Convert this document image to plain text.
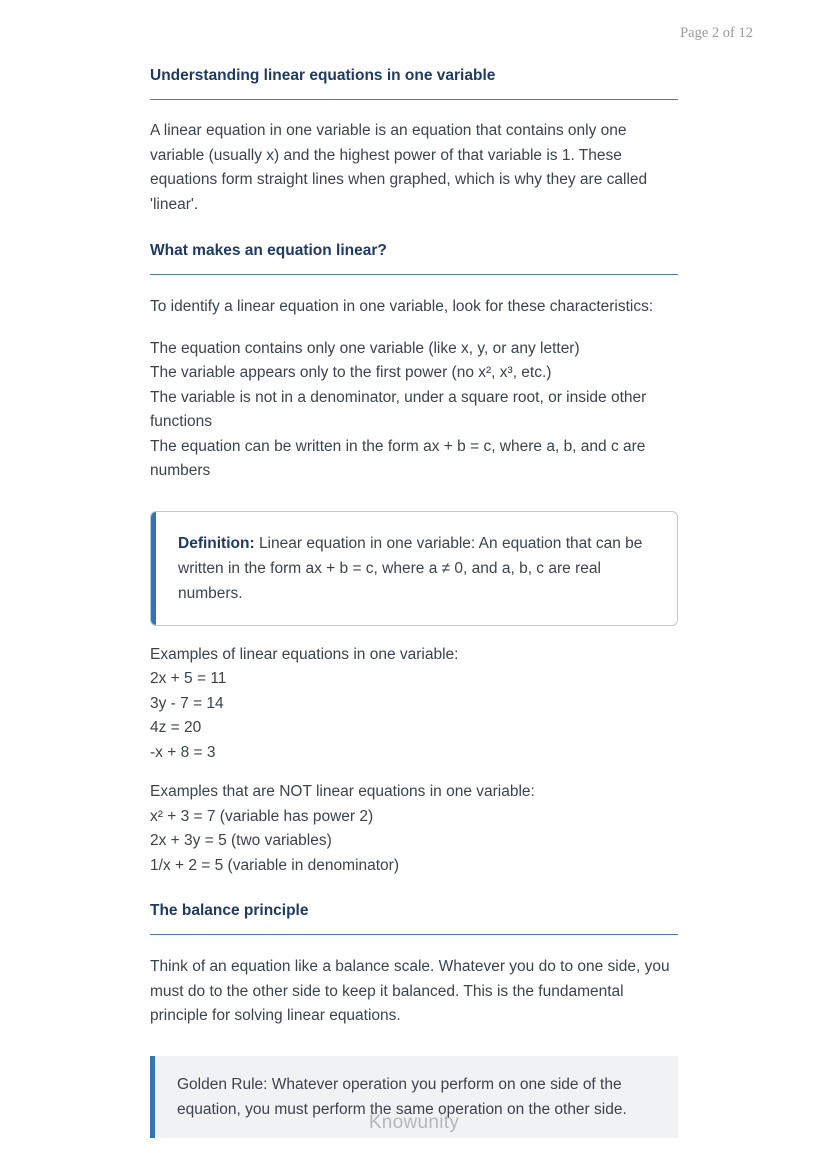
Page 2 of 12
Understanding linear equations in one variable

A linear equation in one variable is an equation that contains only one variable (usually x) and the highest power of that variable is 1. These equations form straight lines when graphed, which is why they are called 'linear'.

What makes an equation linear?

To identify a linear equation in one variable, look for these characteristics:

The equation contains only one variable (like x, y, or any letter)
The variable appears only to the first power (no x², x³, etc.)
The variable is not in a denominator, under a square root, or inside other functions
The equation can be written in the form ax + b = c, where a, b, and c are numbers
Definition: Linear equation in one variable: An equation that can be written in the form ax + b = c, where a ≠ 0, and a, b, c are real numbers.
Examples of linear equations in one variable:
2x + 5 = 11
3y - 7 = 14
4z = 20
-x + 8 = 3
Examples that are NOT linear equations in one variable:
x² + 3 = 7 (variable has power 2)
2x + 3y = 5 (two variables)
1/x + 2 = 5 (variable in denominator)
The balance principle

Think of an equation like a balance scale. Whatever you do to one side, you must do to the other side to keep it balanced. This is the fundamental principle for solving linear equations.

Golden Rule: Whatever operation you perform on one side of the equation, you must perform the same operation on the other side.
Knowunity
